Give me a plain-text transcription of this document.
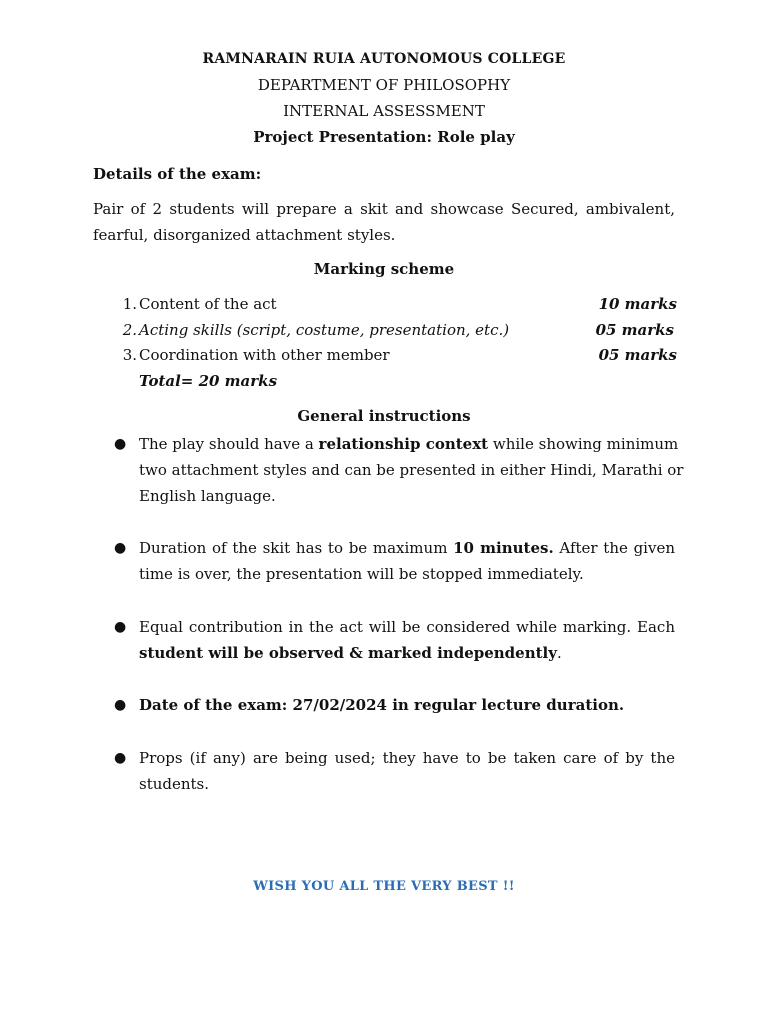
RAMNARAIN RUIA AUTONOMOUS COLLEGE
DEPARTMENT OF PHILOSOPHY
INTERNAL ASSESSMENT
Project Presentation: Role play
Details of the exam:
Pair of 2 students will prepare a skit and showcase Secured, ambivalent,
fearful, disorganized attachment styles.
Marking scheme
1. Content of the act	10 marks
2. Acting skills (script, costume, presentation, etc.)	05 marks
3. Coordination with other member	05 marks
Total= 20 marks
General instructions
● The play should have a relationship context while showing minimum
two attachment styles and can be presented in either Hindi, Marathi or
English language.
● Duration of the skit has to be maximum 10 minutes. After the given
time is over, the presentation will be stopped immediately.
● Equal contribution in the act will be considered while marking. Each
student will be observed & marked independently.
● Date of the exam: 27/02/2024 in regular lecture duration.
● Props (if any) are being used; they have to be taken care of by the
students.
WISH YOU ALL THE VERY BEST !!
